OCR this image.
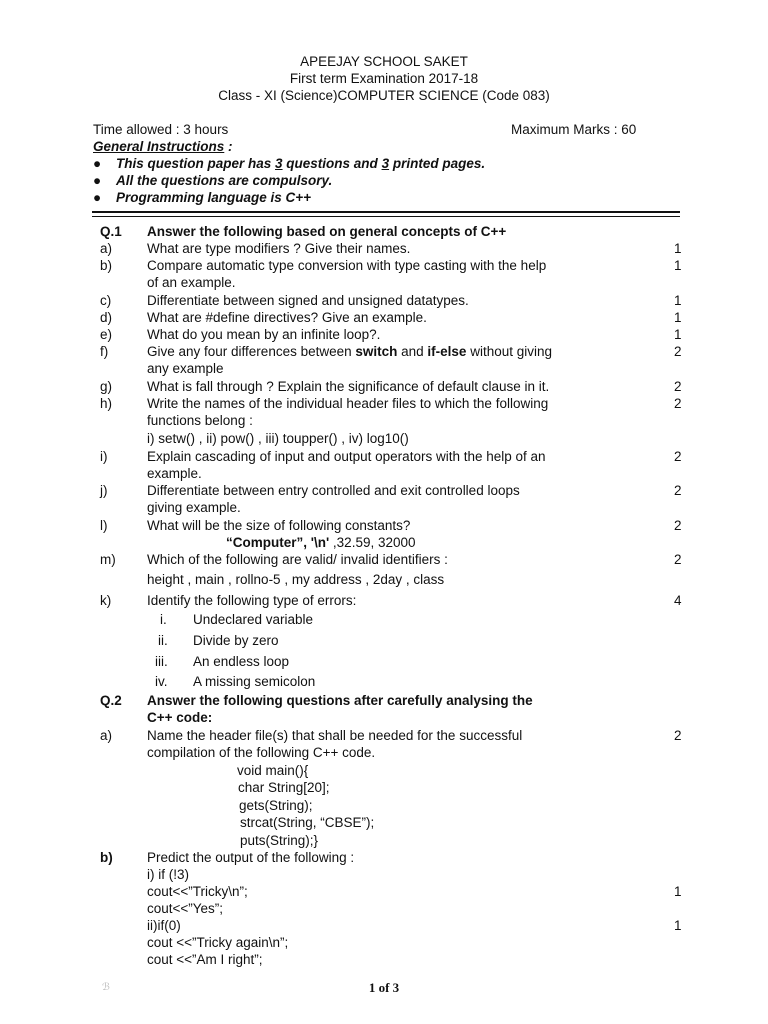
APEEJAY SCHOOL SAKET
First term Examination 2017-18
Class - XI (Science)COMPUTER SCIENCE (Code 083)
Time allowed : 3 hours	Maximum Marks : 60
General Instructions :
● This question paper has 3 questions and 3 printed pages.
● All the questions are compulsory.
● Programming language is C++
Q.1 Answer the following based on general concepts of C++
a)	What are type modifiers ? Give their names.	1
b)	Compare automatic type conversion with type casting with the help	1
of an example.
c)	Differentiate between signed and unsigned datatypes.	1
d)	What are #define directives? Give an example.	1
e)	What do you mean by an infinite loop?.	1
f)	Give any four differences between switch and if-else without giving	2
any example
g)	What is fall through ? Explain the significance of default clause in it.	2
h)	Write the names of the individual header files to which the following	2
functions belong :
i) setw() , ii) pow() , iii) toupper() , iv) log10()
i)	Explain cascading of input and output operators with the help of an	2
example.
j)	Differentiate between entry controlled and exit controlled loops	2
giving example.
l)	What will be the size of following constants?	2
“Computer”, '\n' ,32.59, 32000
m) Which of the following are valid/ invalid identifiers :	2
height , main , rollno-5 , my address , 2day , class
k)	Identify the following type of errors:	4
i. Undeclared variable
ii. Divide by zero
iii. An endless loop
iv. A missing semicolon
Q.2 Answer the following questions after carefully analysing the
C++ code:
a)	Name the header file(s) that shall be needed for the successful	2
compilation of the following C++ code.
void main(){
char String[20];
gets(String);
strcat(String, “CBSE”);
puts(String);}
b)	Predict the output of the following :
i) if (!3)
cout<<”Tricky\n”;	1
cout<<”Yes”;
ii)if(0)	1
cout <<”Tricky again\n”;
cout <<”Am I right”;
ℬ	1 of 3
